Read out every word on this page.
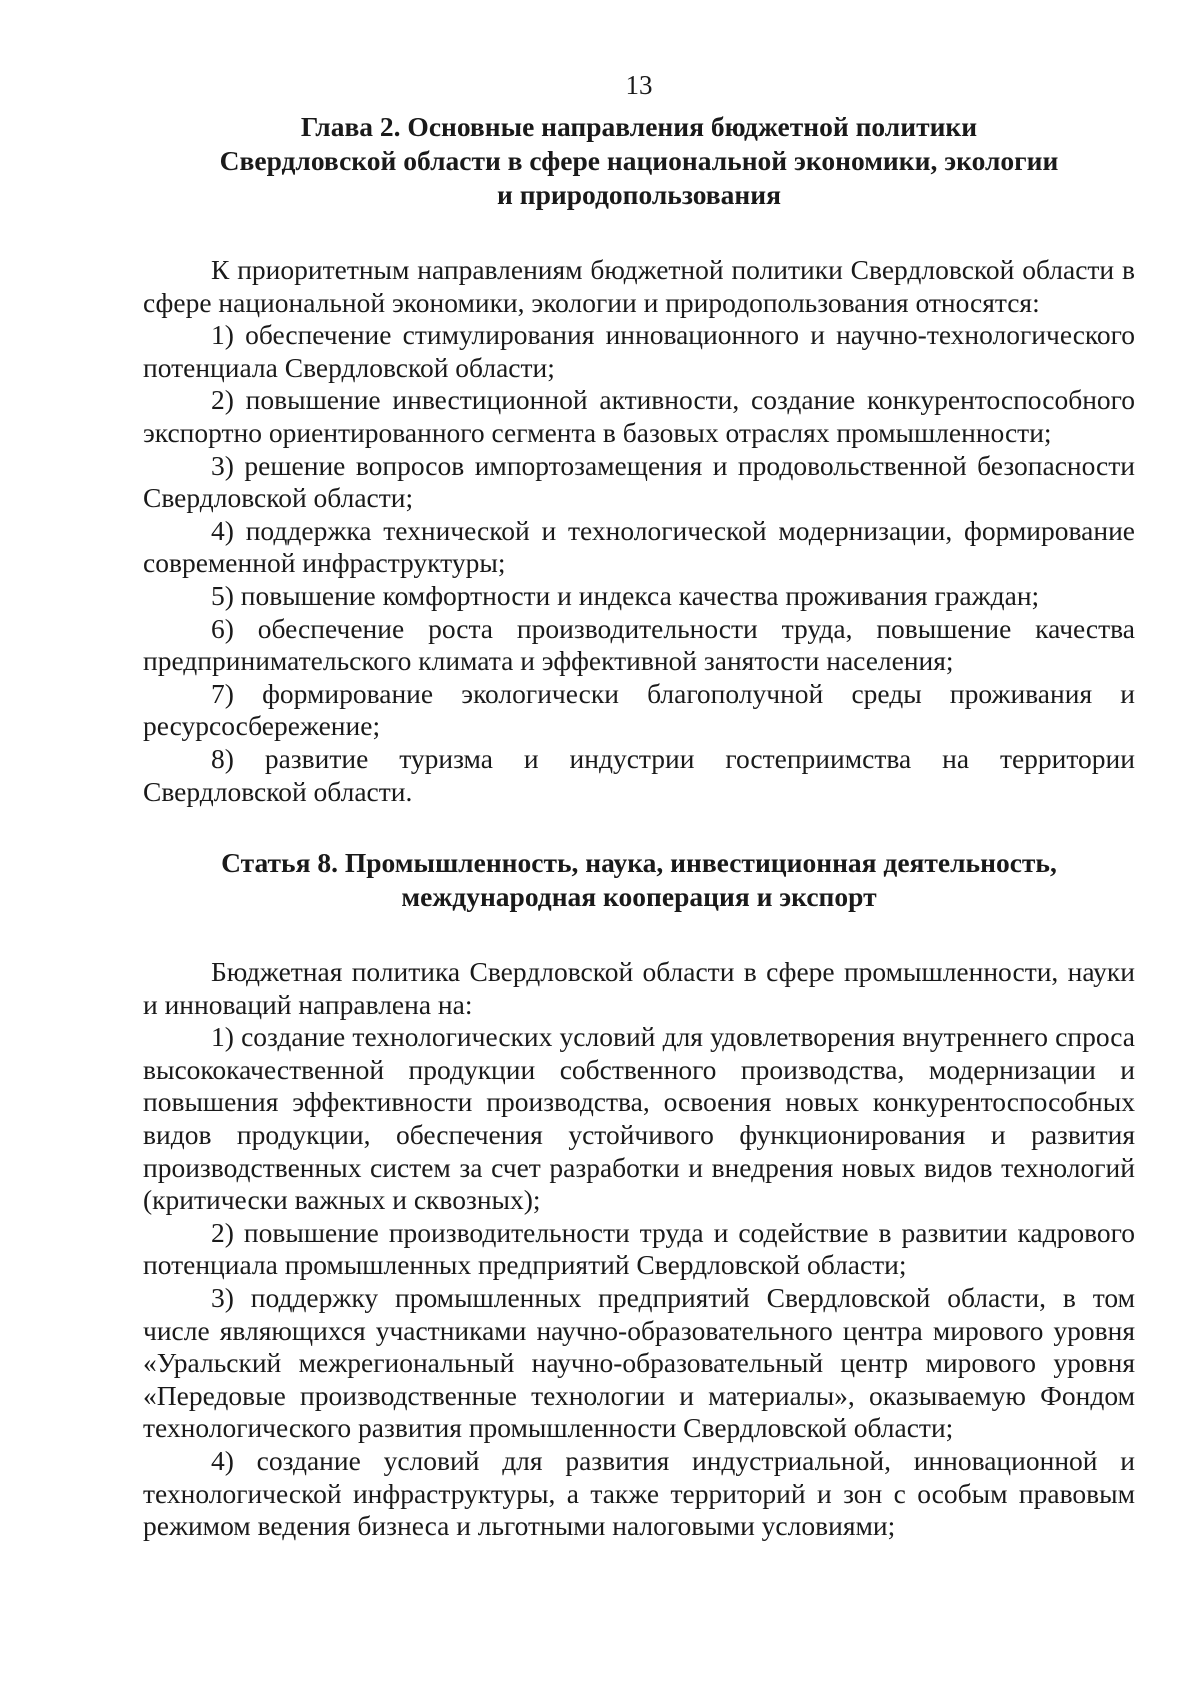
13
Глава 2. Основные направления бюджетной политики
Свердловской области в сфере национальной экономики, экологии
и природопользования

К приоритетным направлениям бюджетной политики Свердловской области в сфере национальной экономики, экологии и природопользования относятся:

1) обеспечение стимулирования инновационного и научно-технологического потенциала Свердловской области;

2) повышение инвестиционной активности, создание конкурентоспособного экспортно ориентированного сегмента в базовых отраслях промышленности;

3) решение вопросов импортозамещения и продовольственной безопасности Свердловской области;

4) поддержка технической и технологической модернизации, формирование современной инфраструктуры;

5) повышение комфортности и индекса качества проживания граждан;

6) обеспечение роста производительности труда, повышение качества предпринимательского климата и эффективной занятости населения;

7) формирование экологически благополучной среды проживания и ресурсосбережение;

8) развитие туризма и индустрии гостеприимства на территории Свердловской области.

Статья 8. Промышленность, наука, инвестиционная деятельность,
международная кооперация и экспорт

Бюджетная политика Свердловской области в сфере промышленности, науки и инноваций направлена на:

1) создание технологических условий для удовлетворения внутреннего спроса высококачественной продукции собственного производства, модернизации и повышения эффективности производства, освоения новых конкурентоспособных видов продукции, обеспечения устойчивого функционирования и развития производственных систем за счет разработки и внедрения новых видов технологий (критически важных и сквозных);

2) повышение производительности труда и содействие в развитии кадрового потенциала промышленных предприятий Свердловской области;

3) поддержку промышленных предприятий Свердловской области, в том числе являющихся участниками научно-образовательного центра мирового уровня «Уральский межрегиональный научно-образовательный центр мирового уровня «Передовые производственные технологии и материалы», оказываемую Фондом технологического развития промышленности Свердловской области;

4) создание условий для развития индустриальной, инновационной и технологической инфраструктуры, а также территорий и зон с особым правовым режимом ведения бизнеса и льготными налоговыми условиями;
